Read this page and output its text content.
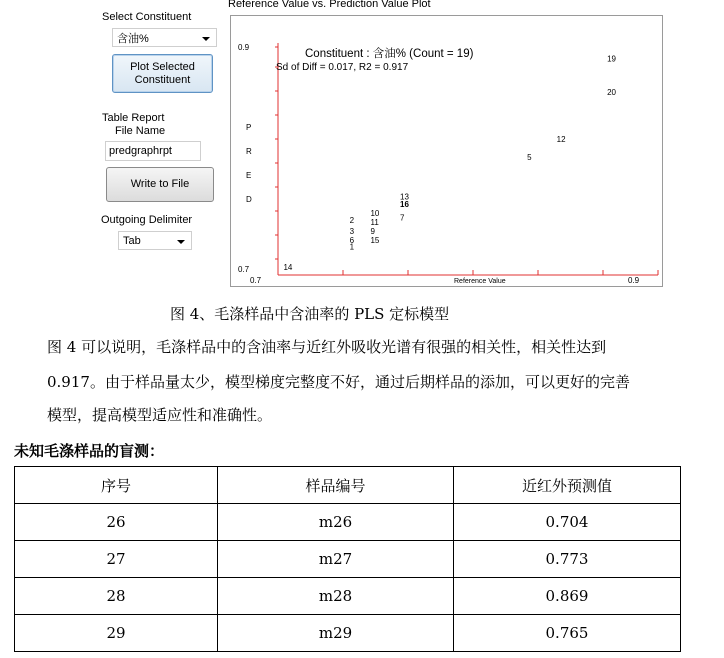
Select Constituent
含油%
Plot Selected
Constituent
Table Report
File Name
predgraphrpt
Write to File
Outgoing Delimiter
Tab
Reference Value vs. Prediction Value Plot
0.9
0.7
0.7	0.9
Reference Value
P
R
E
D
Constituent : 含油% (Count = 19)
Sd of Diff = 0.017, R2 = 0.917
19
20
12
5
13
16
10	7
2 11
3 9
6 15
1
14
图 4、毛涤样品中含油率的 PLS 定标模型
图 4 可以说明，毛涤样品中的含油率与近红外吸收光谱有很强的相关性，相关性达到
0.917。由于样品量太少，模型梯度完整度不好，通过后期样品的添加，可以更好的完善
模型，提高模型适应性和准确性。
未知毛涤样品的盲测：
序号	样品编号	近红外预测值
26	m26	0.704
27	m27	0.773
28	m28	0.869
29	m29	0.765
